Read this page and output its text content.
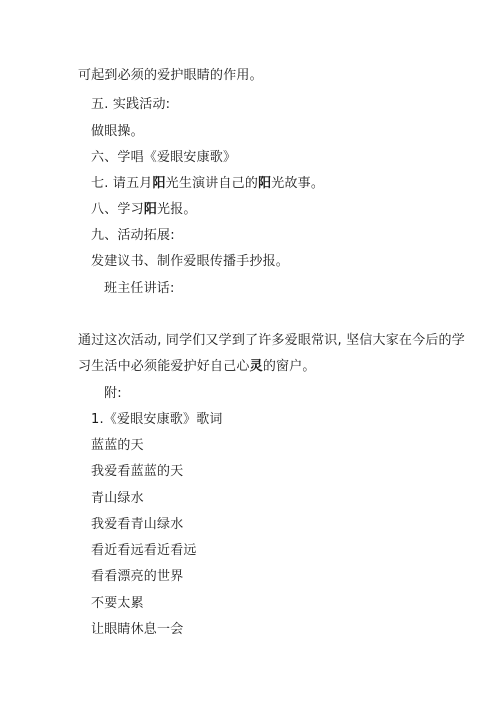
可起到必须的爱护眼睛的作用。
五. 实践活动:
做眼操。
六、学唱《爱眼安康歌》
七. 请五月阳光生演讲自己的阳光故事。
八、学习阳光报。
九、活动拓展:
发建议书、制作爱眼传播手抄报。
班主任讲话:
通过这次活动, 同学们又学到了许多爱眼常识, 坚信大家在今后的学
习生活中必须能爱护好自己心灵的窗户。
附:
1.《爱眼安康歌》歌词
蓝蓝的天
我爱看蓝蓝的天
青山绿水
我爱看青山绿水
看近看远看近看远
看看漂亮的世界
不要太累
让眼睛休息一会
